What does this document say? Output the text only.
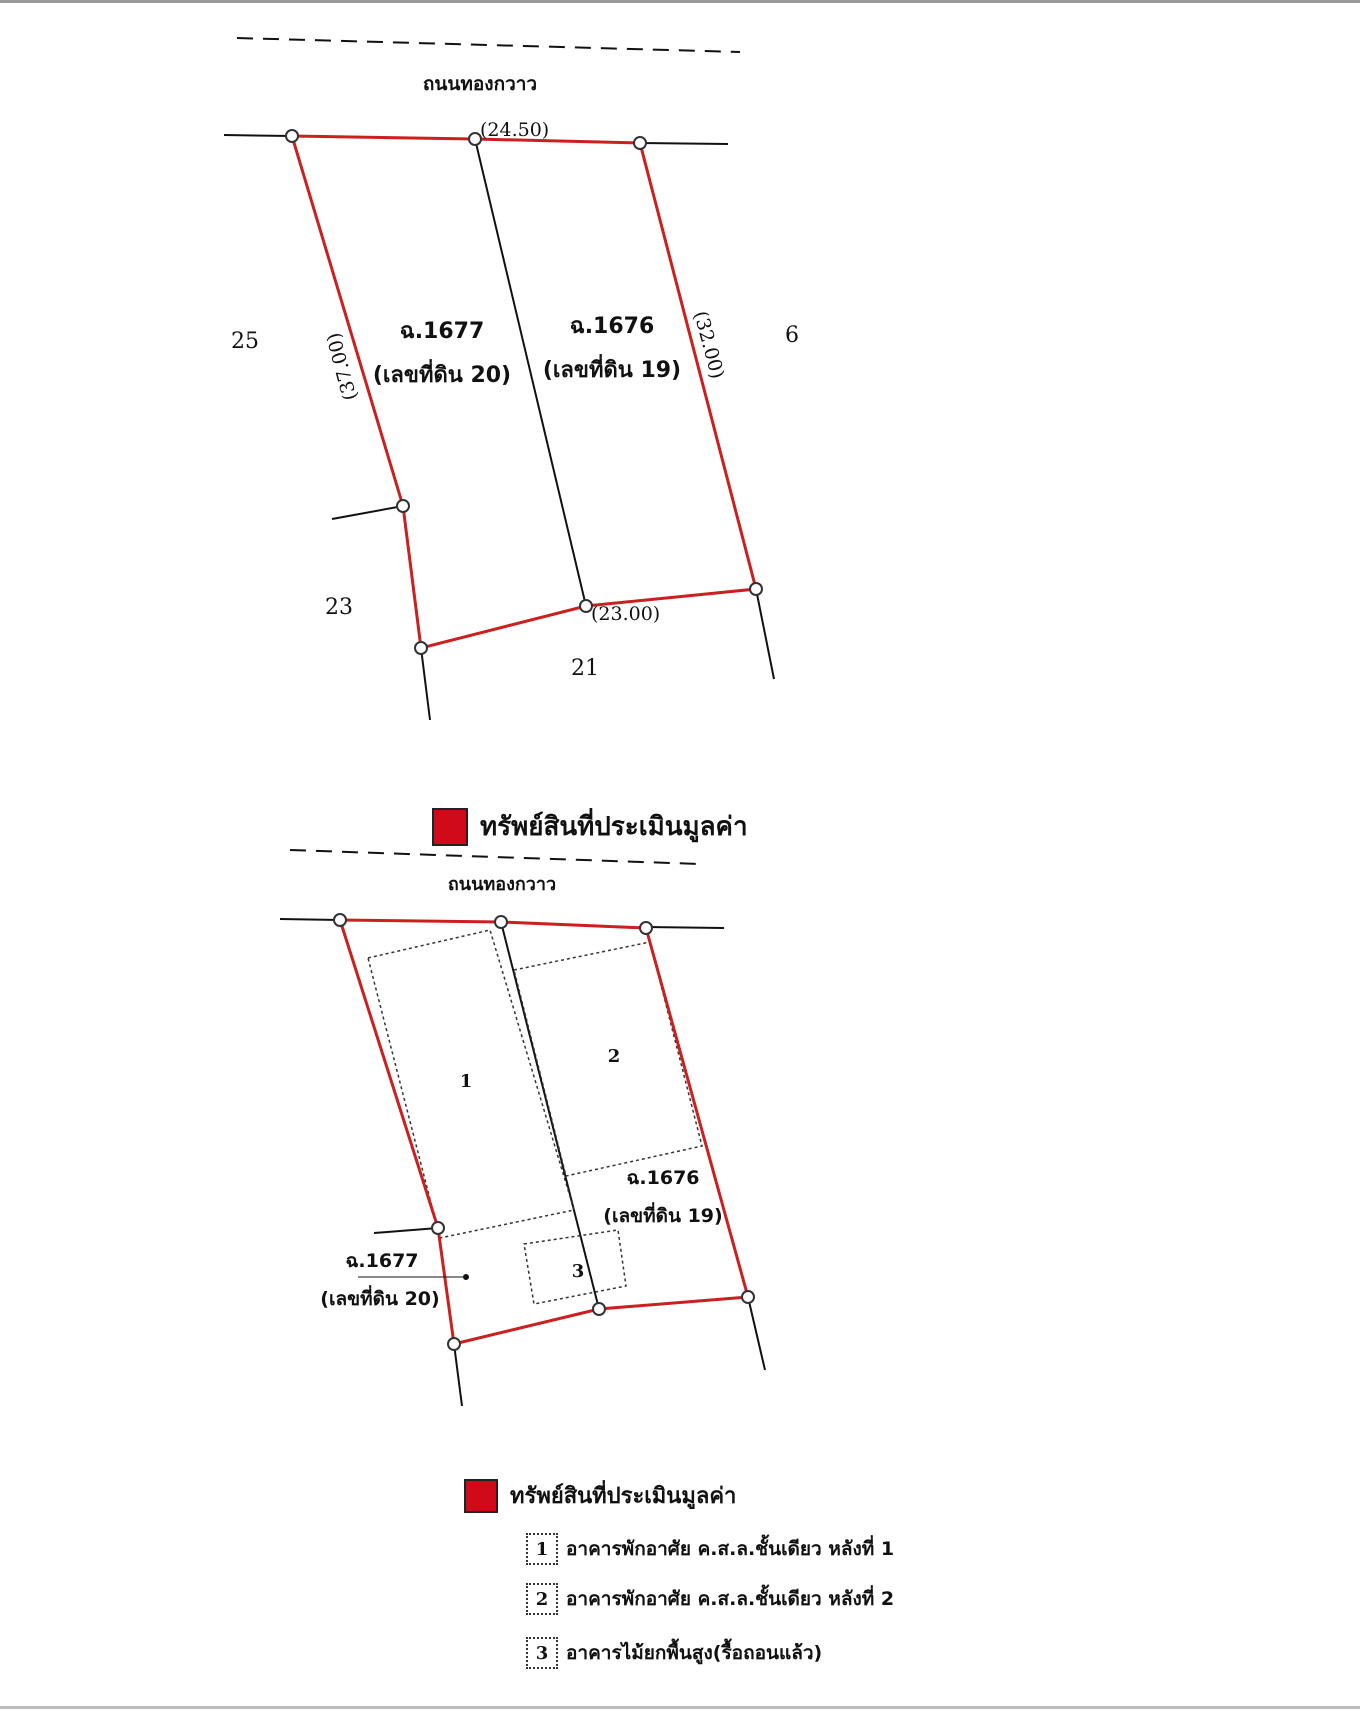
ถนนทองกวาว
(24.50)
(32.00)
(37.00)
(23.00)
ฉ.1677
(เลขที่ดิน 20)
ฉ.1676
(เลขที่ดิน 19)
25	6
23
21
ถนนทองกวาว
1
2
3
ฉ.1677
(เลขที่ดิน 20)
ฉ.1676
(เลขที่ดิน 19)
ทรัพย์สินที่ประเมินมูลค่า
ทรัพย์สินที่ประเมินมูลค่า
1 อาคารพักอาศัย ค.ส.ล.ชั้นเดียว หลังที่ 1
2 อาคารพักอาศัย ค.ส.ล.ชั้นเดียว หลังที่ 2
3 อาคารไม้ยกพื้นสูง(รื้อถอนแล้ว)
